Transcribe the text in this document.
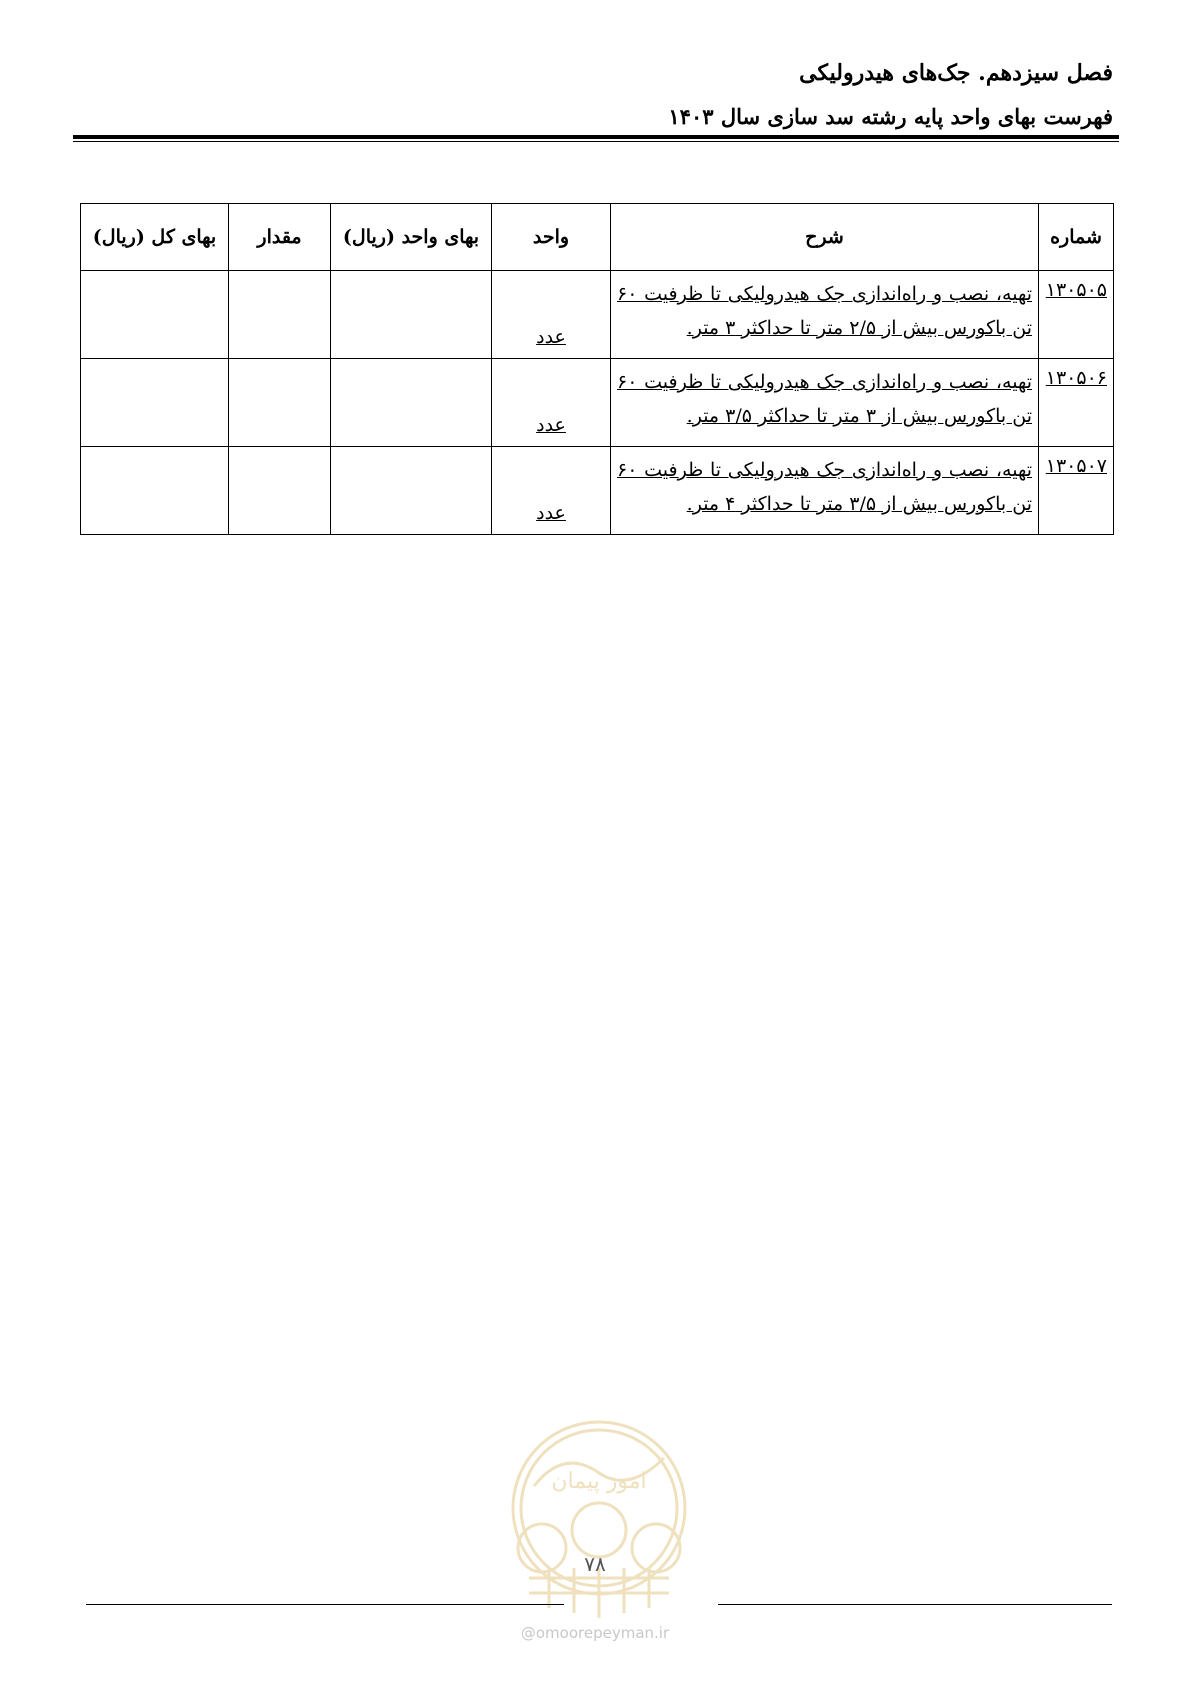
فصل سیزدهم. جک‌های هیدرولیکی
فهرست بهای واحد پایه رشته سد سازی سال ۱۴۰۳
شماره	شرح	واحد	بهای واحد (ریال)	مقدار	بهای کل (ریال)
۱۳۰۵۰۵	تهیه، نصب و راه‌اندازی جک هیدرولیکی تا ظرفیت ۶۰ تن باکورس بیش از ۲/۵ متر تا حداکثر ۳ متر.	عدد			
۱۳۰۵۰۶	تهیه، نصب و راه‌اندازی جک هیدرولیکی تا ظرفیت ۶۰ تن باکورس بیش از ۳ متر تا حداکثر ۳/۵ متر.	عدد			
۱۳۰۵۰۷	تهیه، نصب و راه‌اندازی جک هیدرولیکی تا ظرفیت ۶۰ تن باکورس بیش از ۳/۵ متر تا حداکثر ۴ متر.	عدد			
امور پیمان
۷۸
@omoorepeyman.ir
